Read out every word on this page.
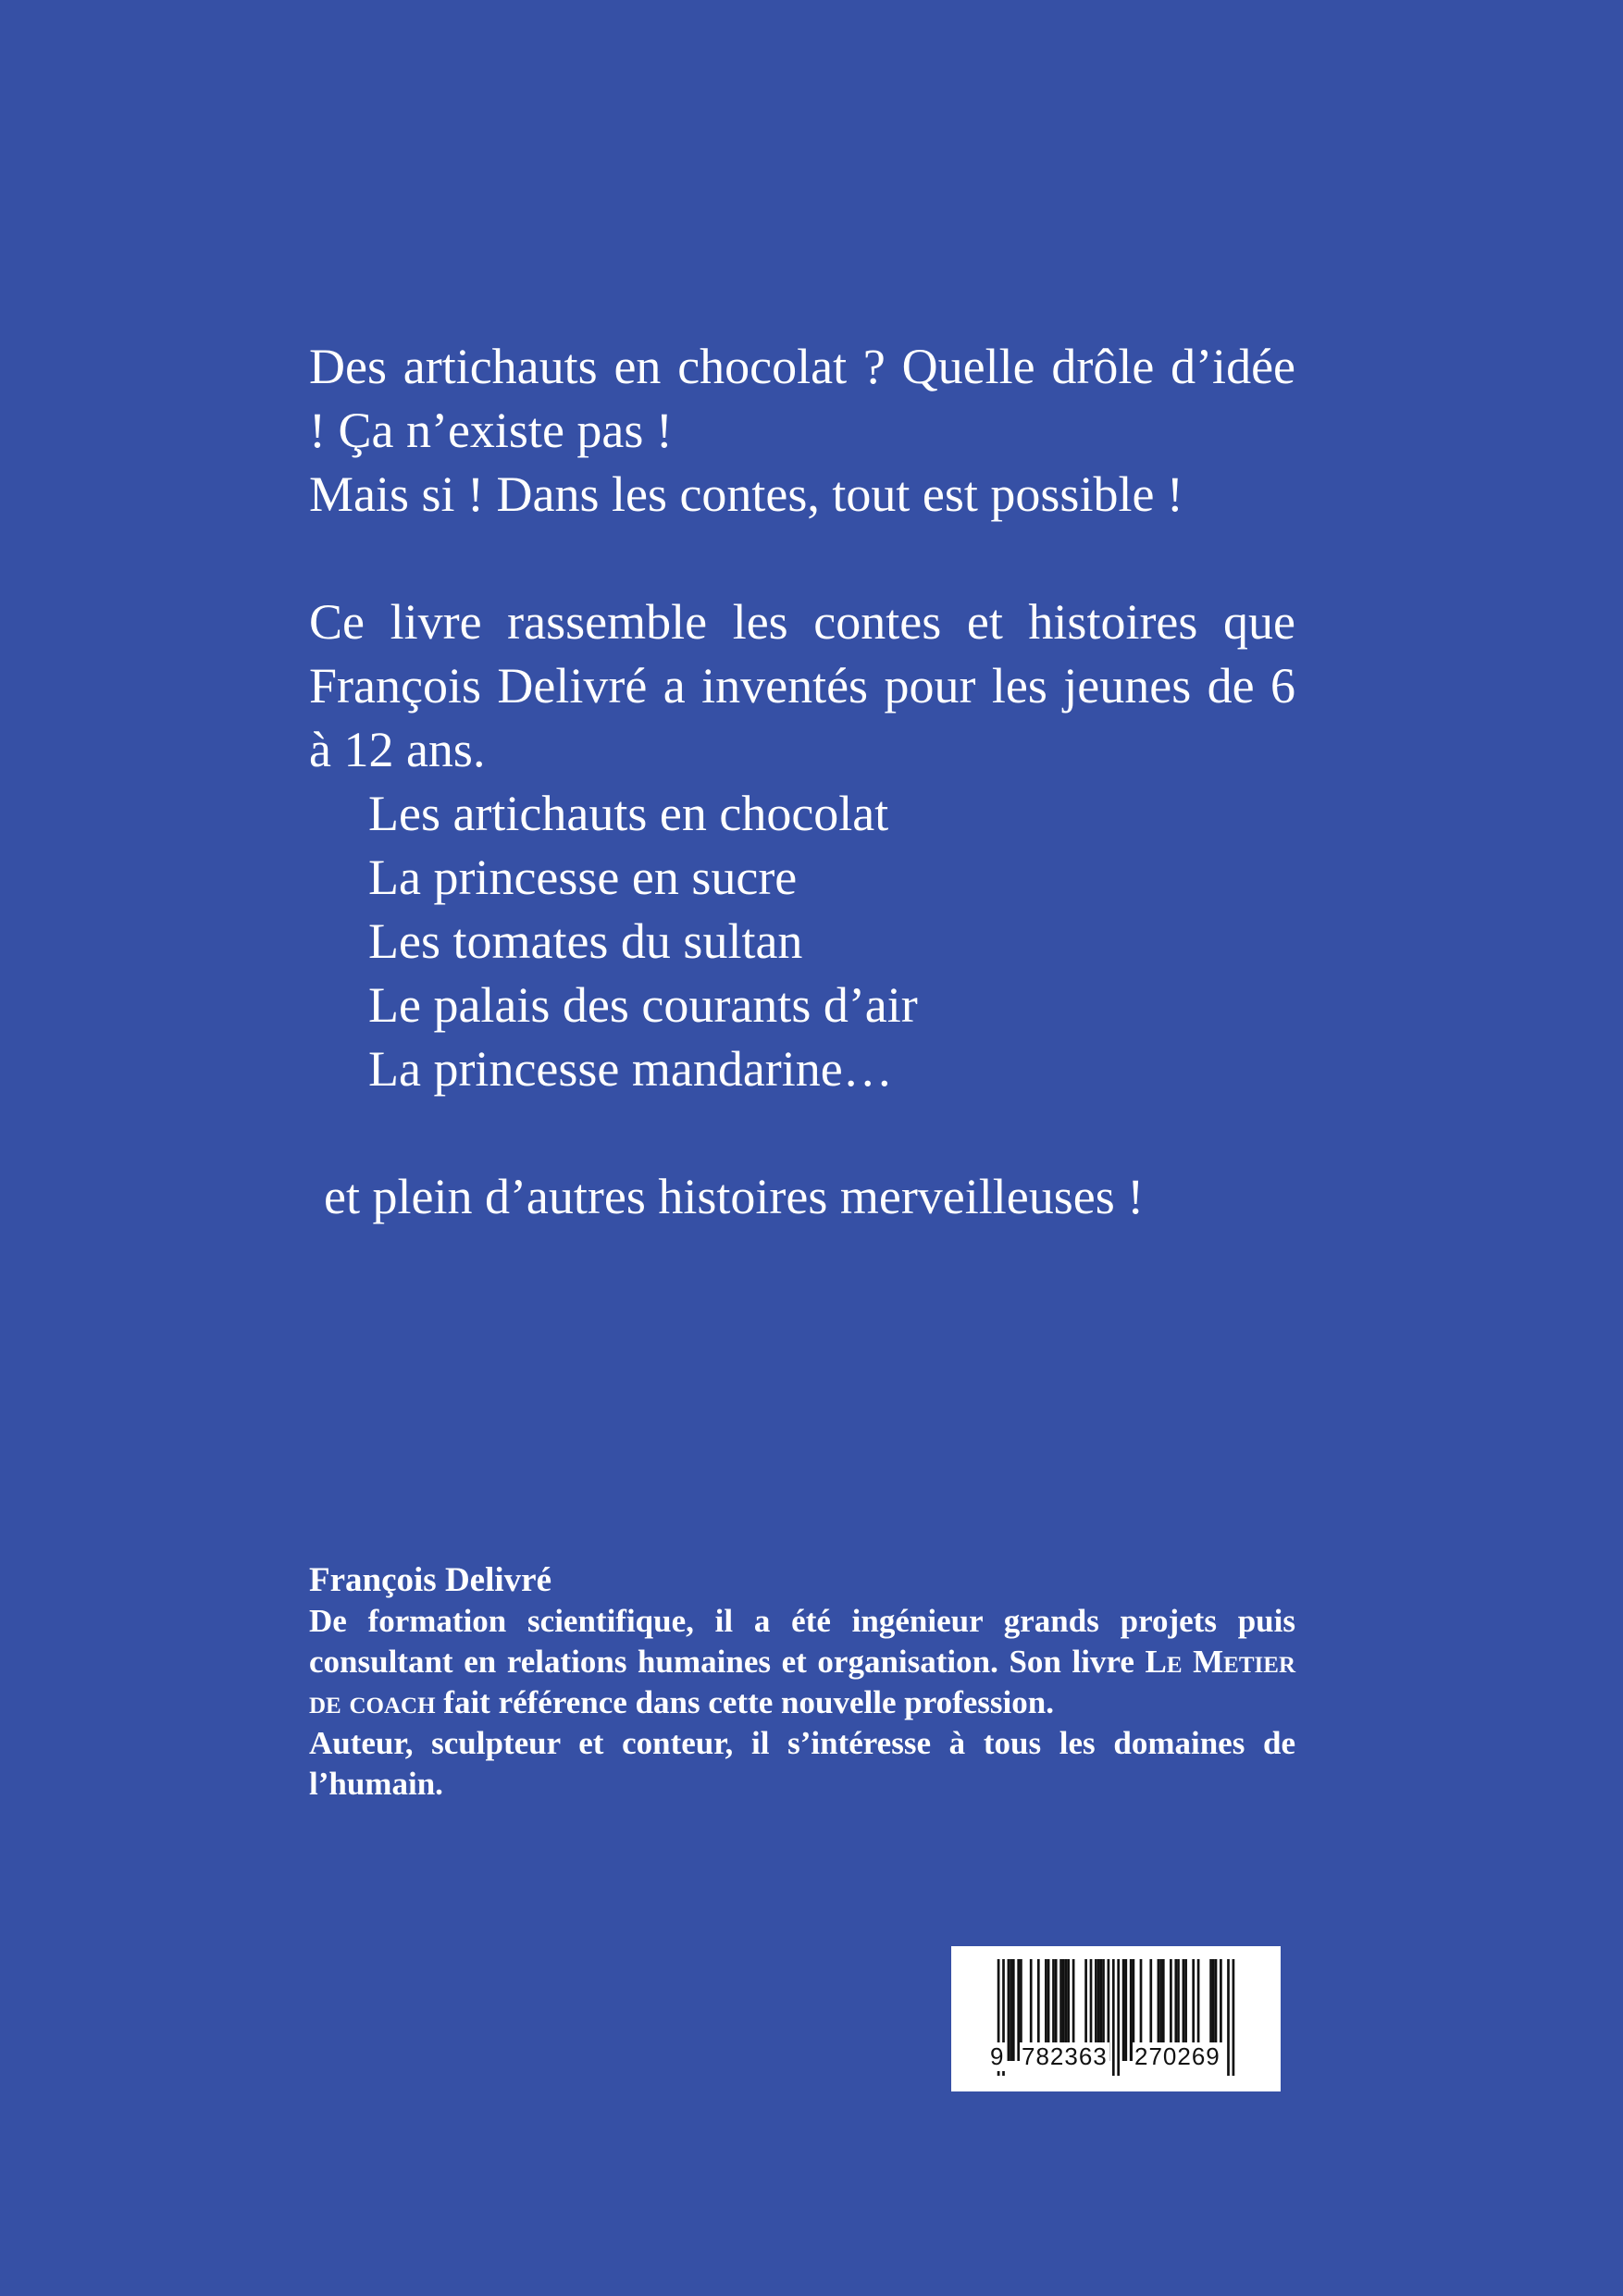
Des artichauts en chocolat ? Quelle drôle d’idée ! Ça n’existe pas !

Mais si ! Dans les contes, tout est possible !

Ce livre rassemble les contes et histoires que François Delivré a inventés pour les jeunes de 6 à 12 ans.

Les artichauts en chocolat
La princesse en sucre
Les tomates du sultan
Le palais des courants d’air
La princesse mandarine…

et plein d’autres histoires merveilleuses !

François Delivré

De formation scientifique, il a été ingénieur grands projets puis consultant en relations humaines et organisation. Son livre Le Metier de coach fait référence dans cette nouvelle profession.

Auteur, sculpteur et conteur, il s’intéresse à tous les domaines de l’humain.

9 782363 270269
